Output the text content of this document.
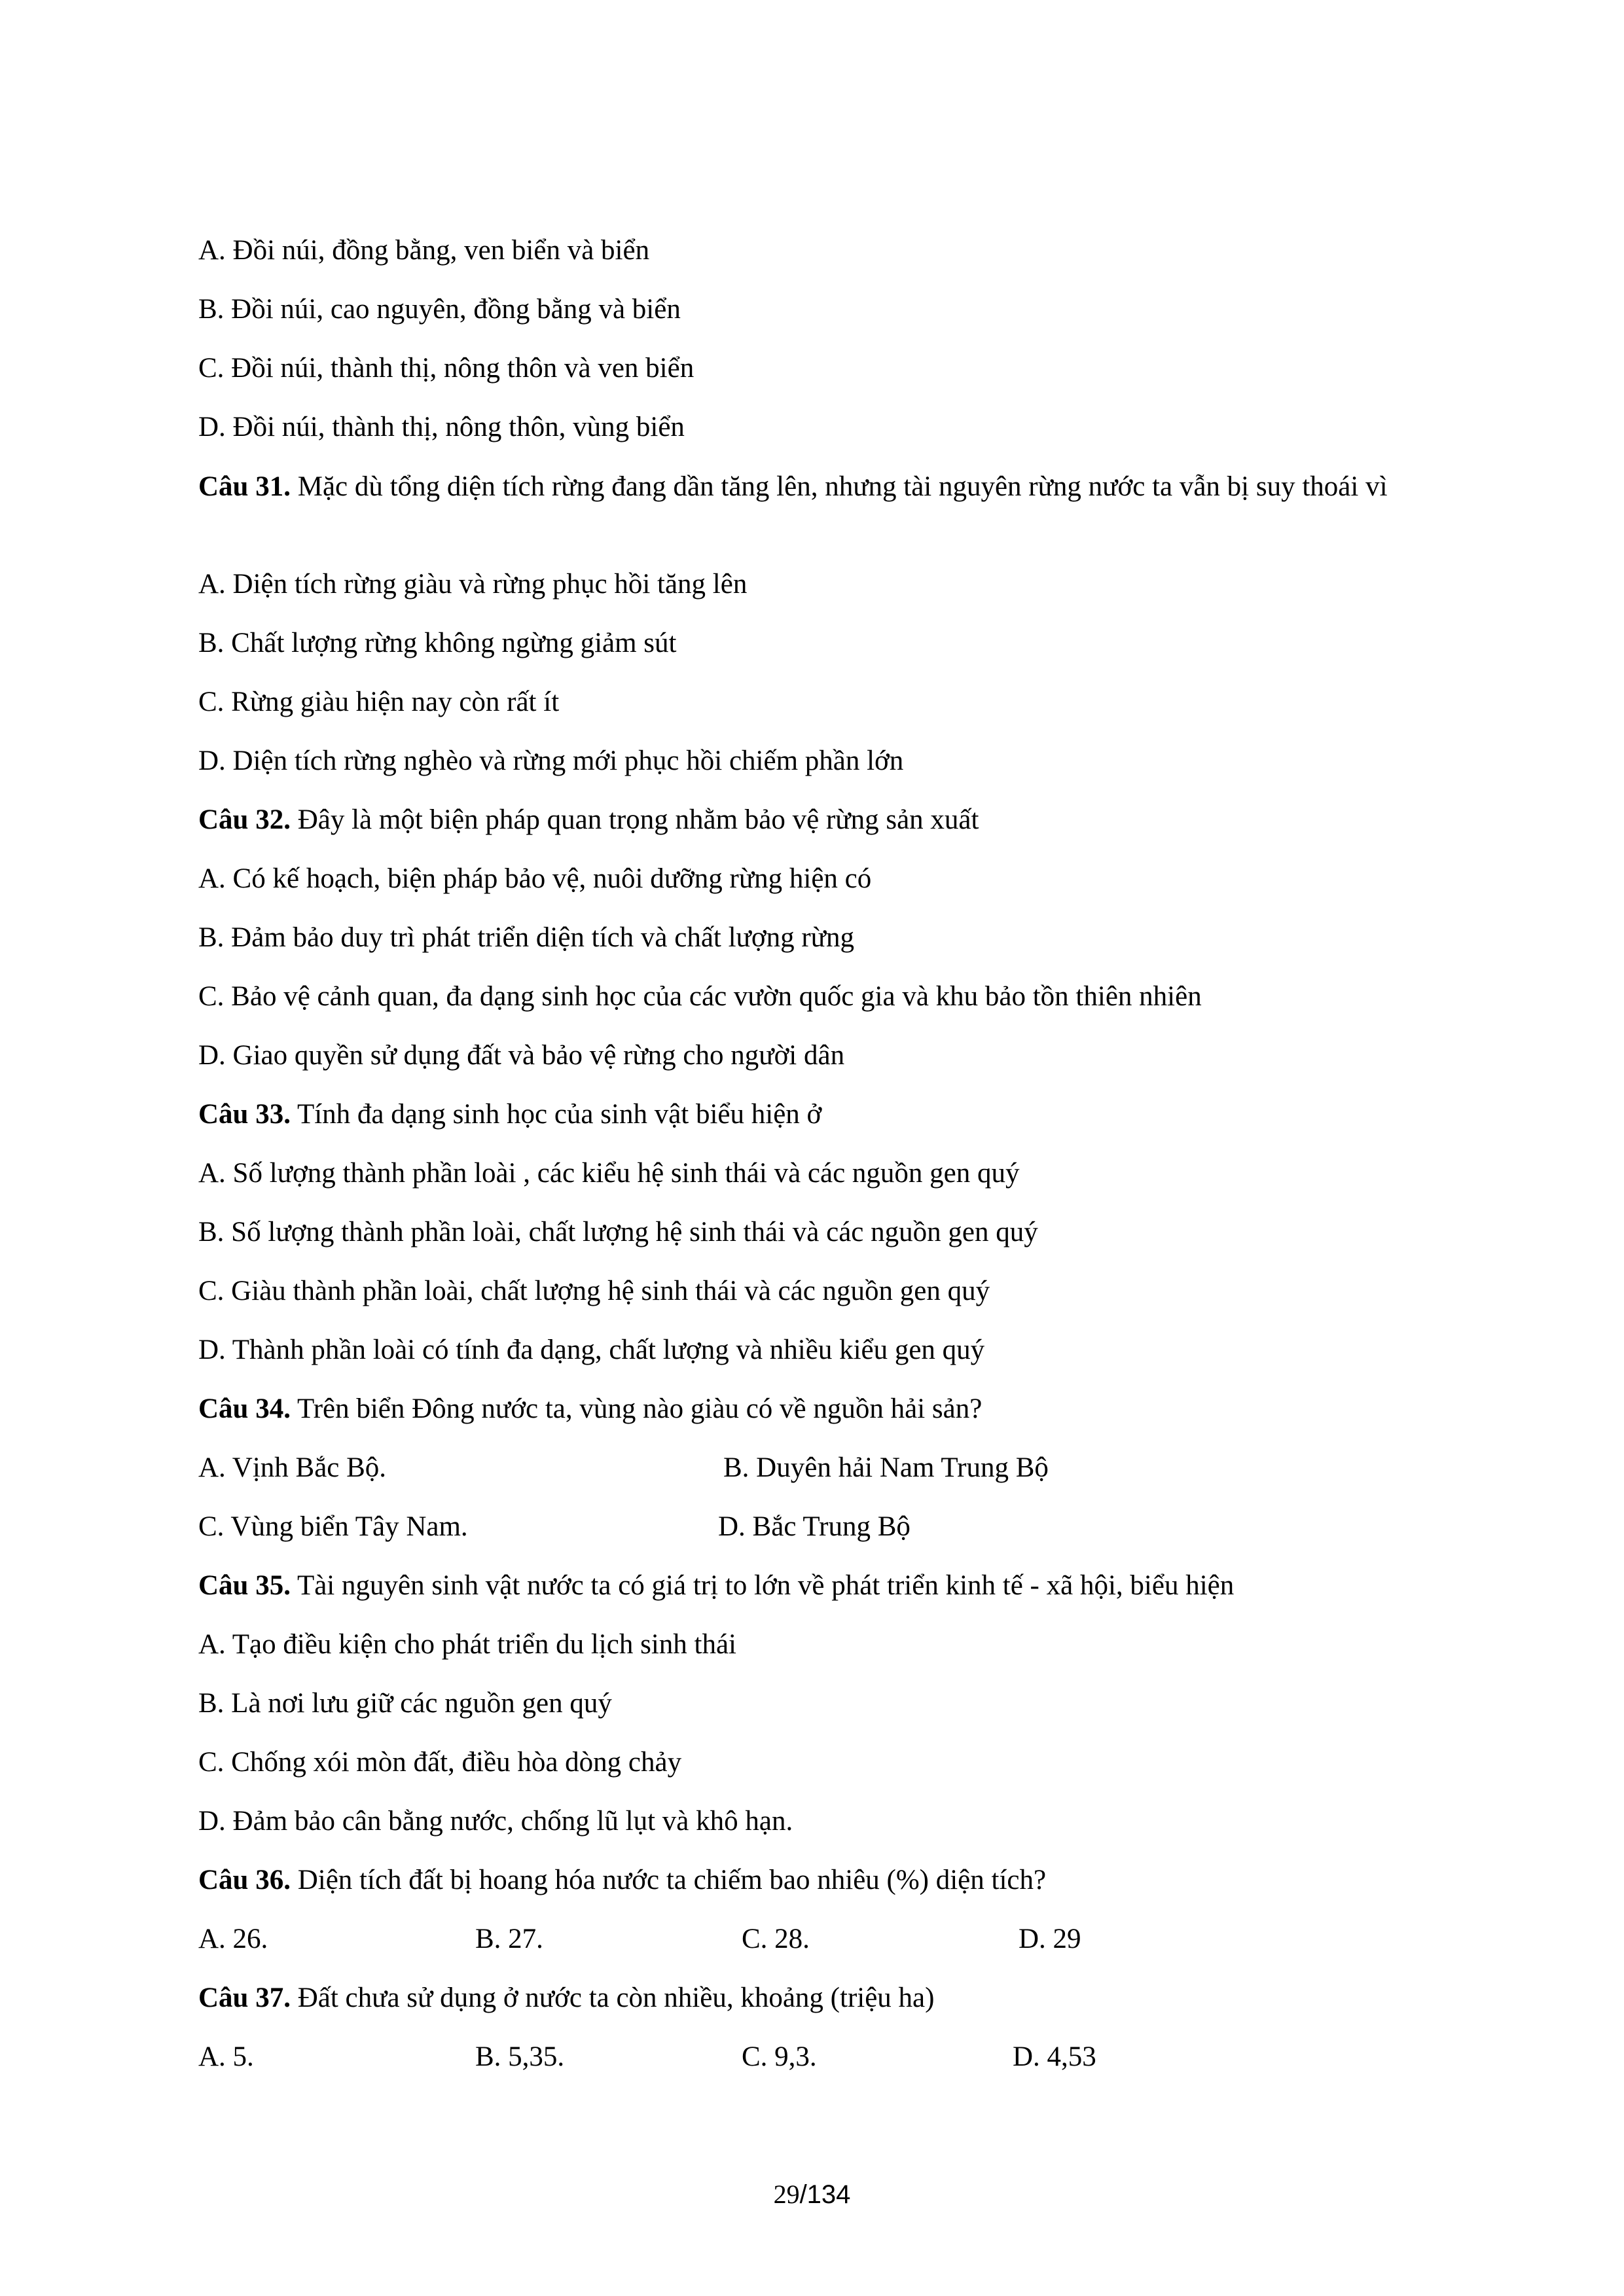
A. Đồi núi, đồng bằng, ven biển và biển

B. Đồi núi, cao nguyên, đồng bằng và biển

C. Đồi núi, thành thị, nông thôn và ven biển

D. Đồi núi, thành thị, nông thôn, vùng biển

Câu 31. Mặc dù tổng diện tích rừng đang dần tăng lên, nhưng tài nguyên rừng nước ta vẫn bị suy thoái vì

A. Diện tích rừng giàu và rừng phục hồi tăng lên

B. Chất lượng rừng không ngừng giảm sút

C. Rừng giàu hiện nay còn rất ít

D. Diện tích rừng nghèo và rừng mới phục hồi chiếm phần lớn

Câu 32. Đây là một biện pháp quan trọng nhằm bảo vệ rừng sản xuất

A. Có kế hoạch, biện pháp bảo vệ, nuôi dưỡng rừng hiện có

B. Đảm bảo duy trì phát triển diện tích và chất lượng rừng

C. Bảo vệ cảnh quan, đa dạng sinh học của các vườn quốc gia và khu bảo tồn thiên nhiên

D. Giao quyền sử dụng đất và bảo vệ rừng cho người dân

Câu 33. Tính đa dạng sinh học của sinh vật biểu hiện ở

A. Số lượng thành phần loài , các kiểu hệ sinh thái và các nguồn gen quý

B. Số lượng thành phần loài, chất lượng hệ sinh thái và các nguồn gen quý

C. Giàu thành phần loài, chất lượng hệ sinh thái và các nguồn gen quý

D. Thành phần loài có tính đa dạng, chất lượng và nhiều kiểu gen quý

Câu 34. Trên biển Đông nước ta, vùng nào giàu có về nguồn hải sản?

A. Vịnh Bắc Bộ.	B. Duyên hải Nam Trung Bộ
C. Vùng biển Tây Nam.	D. Bắc Trung Bộ

Câu 35. Tài nguyên sinh vật nước ta có giá trị to lớn về phát triển kinh tế - xã hội, biểu hiện

A. Tạo điều kiện cho phát triển du lịch sinh thái

B. Là nơi lưu giữ các nguồn gen quý

C. Chống xói mòn đất, điều hòa dòng chảy

D. Đảm bảo cân bằng nước, chống lũ lụt và khô hạn.

Câu 36. Diện tích đất bị hoang hóa nước ta chiếm bao nhiêu (%) diện tích?

A. 26.	B. 27.	C. 28.	D. 29

Câu 37. Đất chưa sử dụng ở nước ta còn nhiều, khoảng (triệu ha)

A. 5.	B. 5,35.	C. 9,3.	D. 4,53
29/134
